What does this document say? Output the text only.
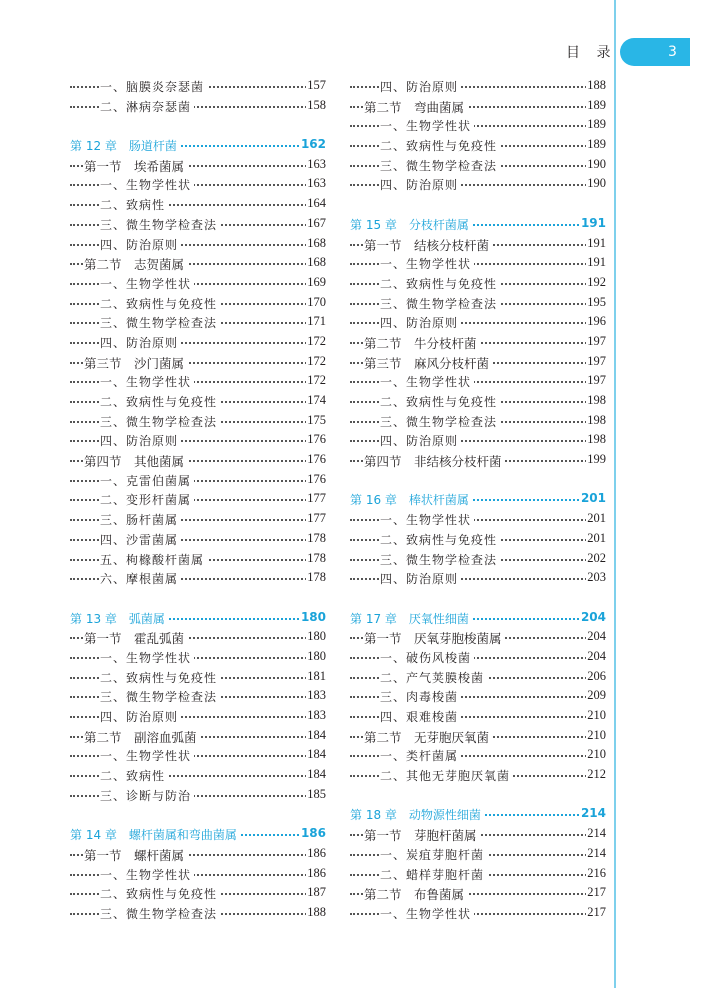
目 录	3
一、脑膜炎奈瑟菌	157
二、淋病奈瑟菌	158
第 12 章　肠道杆菌	162
第一节　埃希菌属	163
一、生物学性状	163
二、致病性	164
三、微生物学检查法	167
四、防治原则	168
第二节　志贺菌属	168
一、生物学性状	169
二、致病性与免疫性	170
三、微生物学检查法	171
四、防治原则	172
第三节　沙门菌属	172
一、生物学性状	172
二、致病性与免疫性	174
三、微生物学检查法	175
四、防治原则	176
第四节　其他菌属	176
一、克雷伯菌属	176
二、变形杆菌属	177
三、肠杆菌属	177
四、沙雷菌属	178
五、枸橼酸杆菌属	178
六、摩根菌属	178
第 13 章　弧菌属	180
第一节　霍乱弧菌	180
一、生物学性状	180
二、致病性与免疫性	181
三、微生物学检查法	183
四、防治原则	183
第二节　副溶血弧菌	184
一、生物学性状	184
二、致病性	184
三、诊断与防治	185
第 14 章　螺杆菌属和弯曲菌属	186
第一节　螺杆菌属	186
一、生物学性状	186
二、致病性与免疫性	187
三、微生物学检查法	188
四、防治原则	188
第二节　弯曲菌属	189
一、生物学性状	189
二、致病性与免疫性	189
三、微生物学检查法	190
四、防治原则	190
第 15 章　分枝杆菌属	191
第一节　结核分枝杆菌	191
一、生物学性状	191
二、致病性与免疫性	192
三、微生物学检查法	195
四、防治原则	196
第二节　牛分枝杆菌	197
第三节　麻风分枝杆菌	197
一、生物学性状	197
二、致病性与免疫性	198
三、微生物学检查法	198
四、防治原则	198
第四节　非结核分枝杆菌	199
第 16 章　棒状杆菌属	201
一、生物学性状	201
二、致病性与免疫性	201
三、微生物学检查法	202
四、防治原则	203
第 17 章　厌氧性细菌	204
第一节　厌氧芽胞梭菌属	204
一、破伤风梭菌	204
二、产气荚膜梭菌	206
三、肉毒梭菌	209
四、艰难梭菌	210
第二节　无芽胞厌氧菌	210
一、类杆菌属	210
二、其他无芽胞厌氧菌	212
第 18 章　动物源性细菌	214
第一节　芽胞杆菌属	214
一、炭疽芽胞杆菌	214
二、蜡样芽胞杆菌	216
第二节　布鲁菌属	217
一、生物学性状	217
